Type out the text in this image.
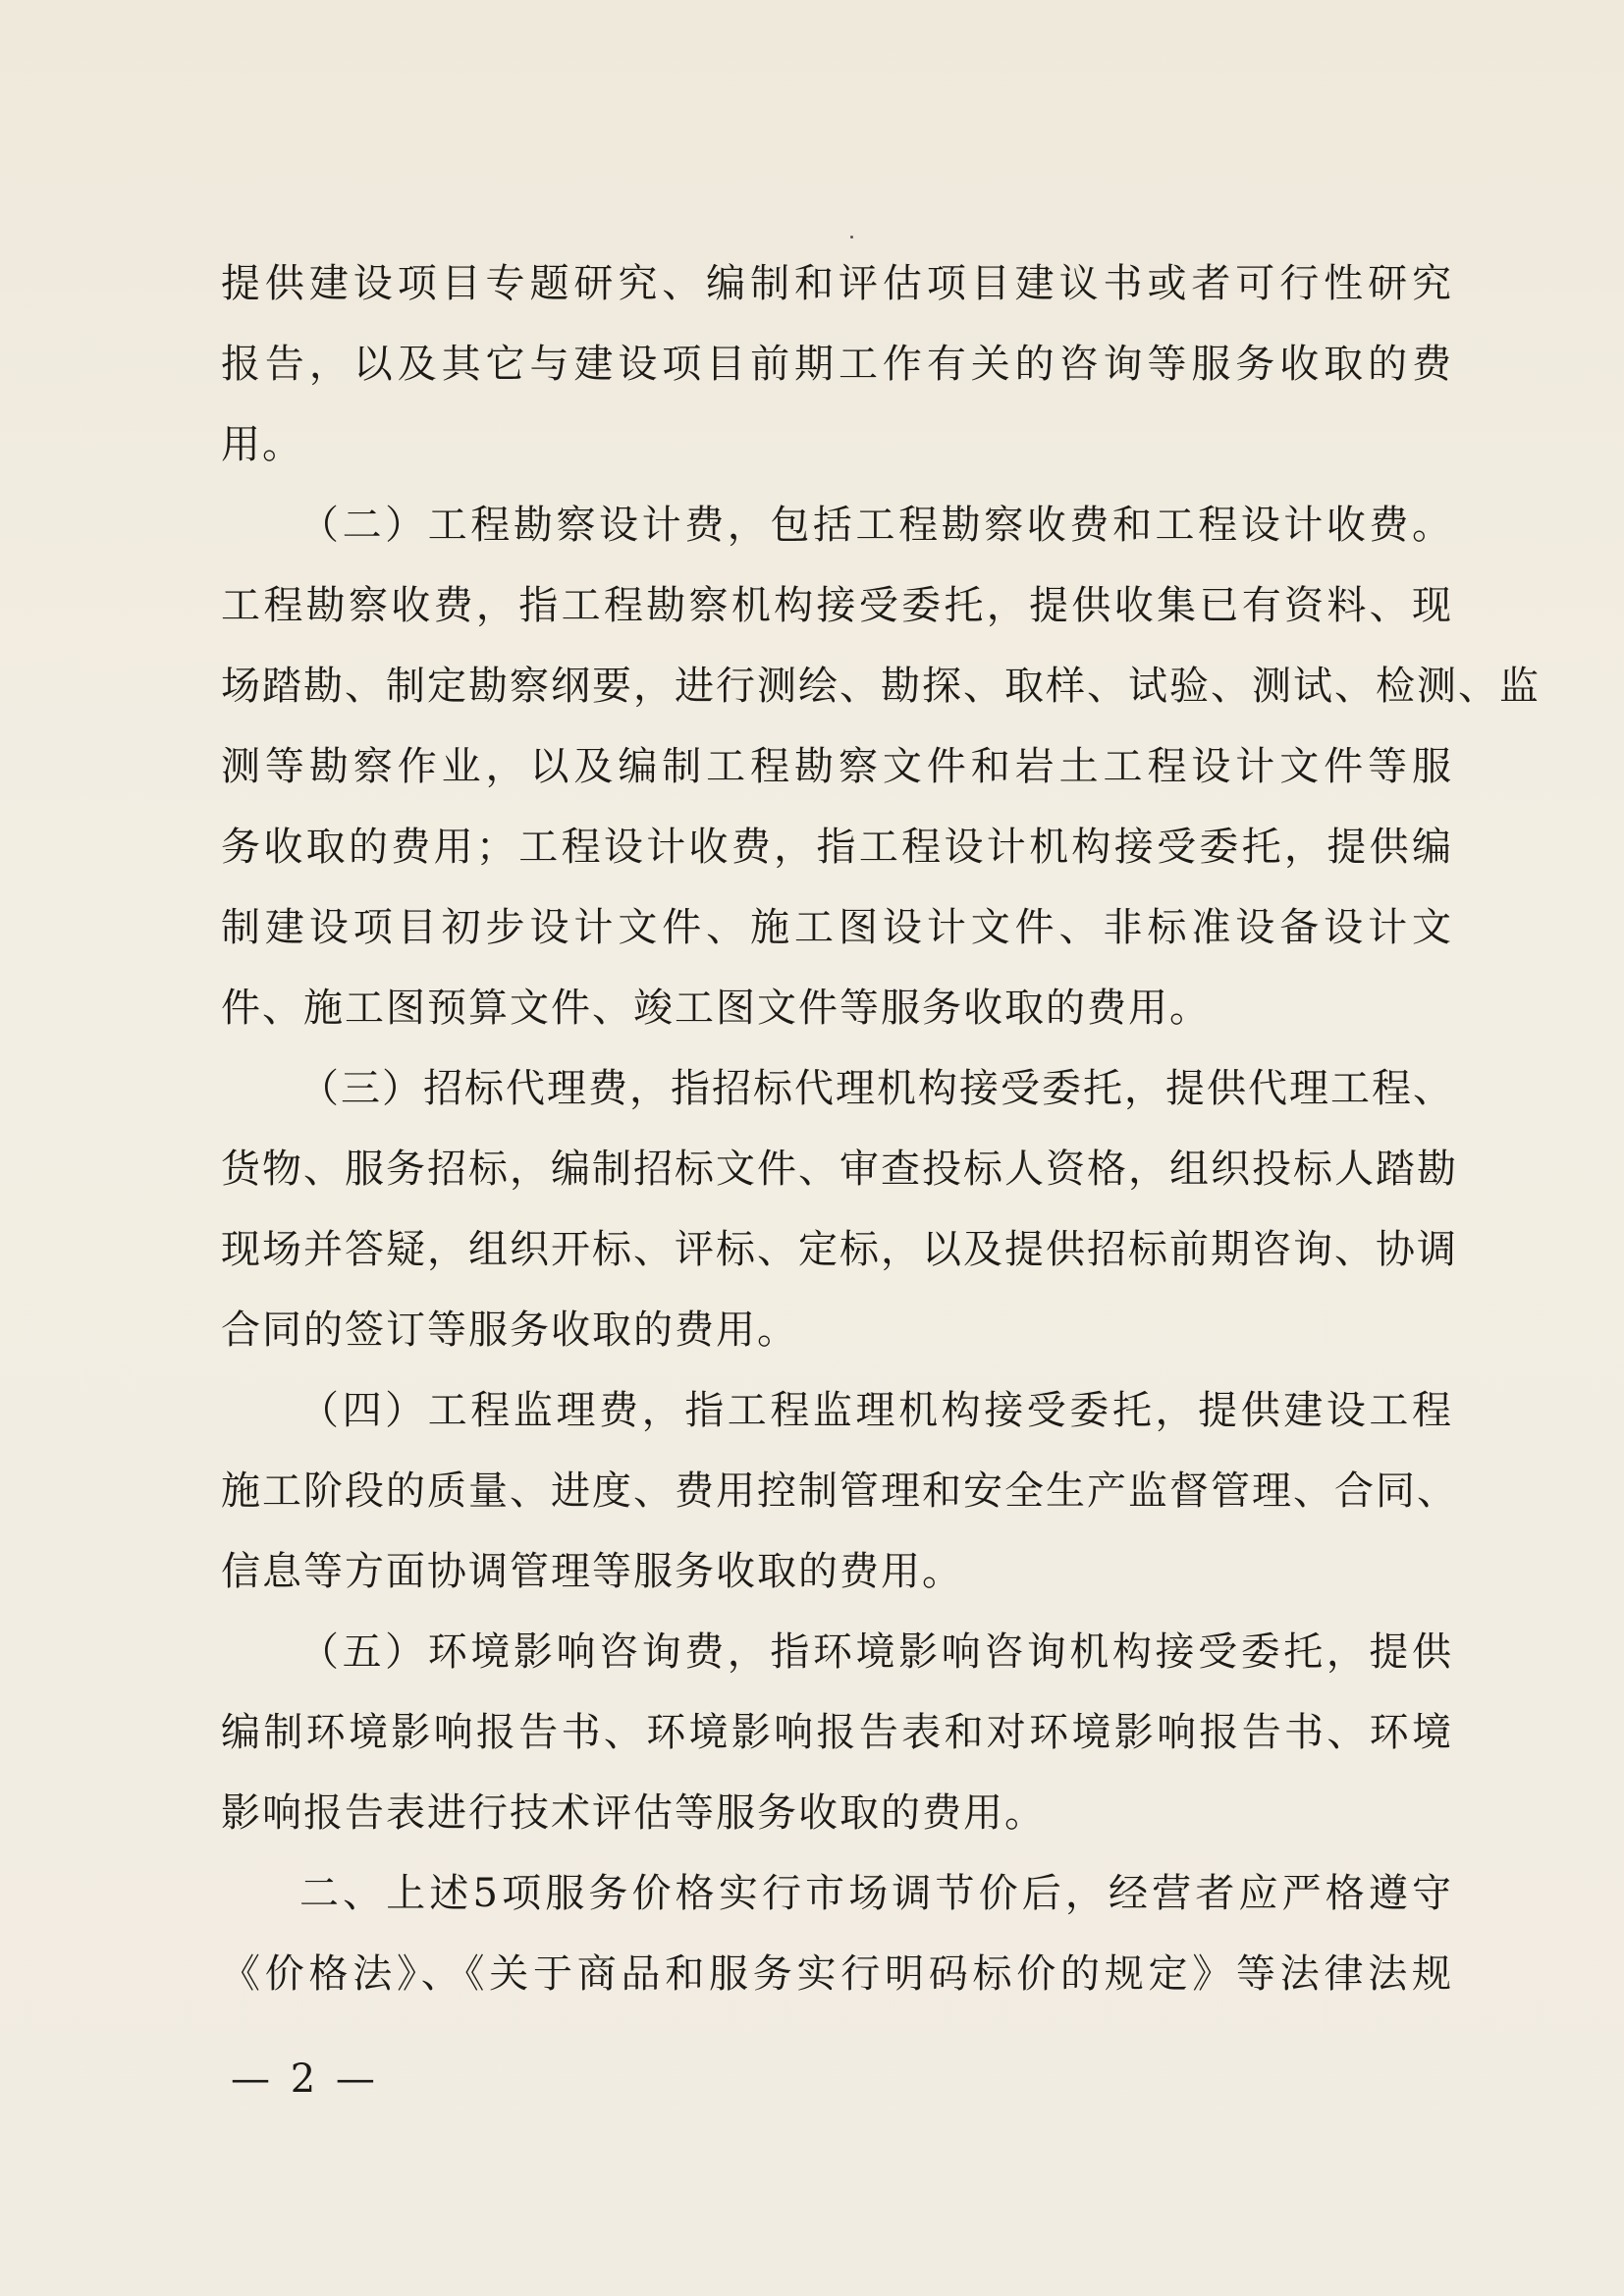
提供建设项目专题研究、编制和评估项目建议书或者可行性研究
报告，以及其它与建设项目前期工作有关的咨询等服务收取的费
用。
（二）工程勘察设计费，包括工程勘察收费和工程设计收费。
工程勘察收费，指工程勘察机构接受委托，提供收集已有资料、现
场踏勘、制定勘察纲要，进行测绘、勘探、取样、试验、测试、检测、监
测等勘察作业，以及编制工程勘察文件和岩土工程设计文件等服
务收取的费用；工程设计收费，指工程设计机构接受委托，提供编
制建设项目初步设计文件、施工图设计文件、非标准设备设计文
件、施工图预算文件、竣工图文件等服务收取的费用。
（三）招标代理费，指招标代理机构接受委托，提供代理工程、
货物、服务招标，编制招标文件、审查投标人资格，组织投标人踏勘
现场并答疑，组织开标、评标、定标，以及提供招标前期咨询、协调
合同的签订等服务收取的费用。
（四）工程监理费，指工程监理机构接受委托，提供建设工程
施工阶段的质量、进度、费用控制管理和安全生产监督管理、合同、
信息等方面协调管理等服务收取的费用。
（五）环境影响咨询费，指环境影响咨询机构接受委托，提供
编制环境影响报告书、环境影响报告表和对环境影响报告书、环境
影响报告表进行技术评估等服务收取的费用。
二、上述5项服务价格实行市场调节价后，经营者应严格遵守
《价格法》、《关于商品和服务实行明码标价的规定》等法律法规
— 2 —
